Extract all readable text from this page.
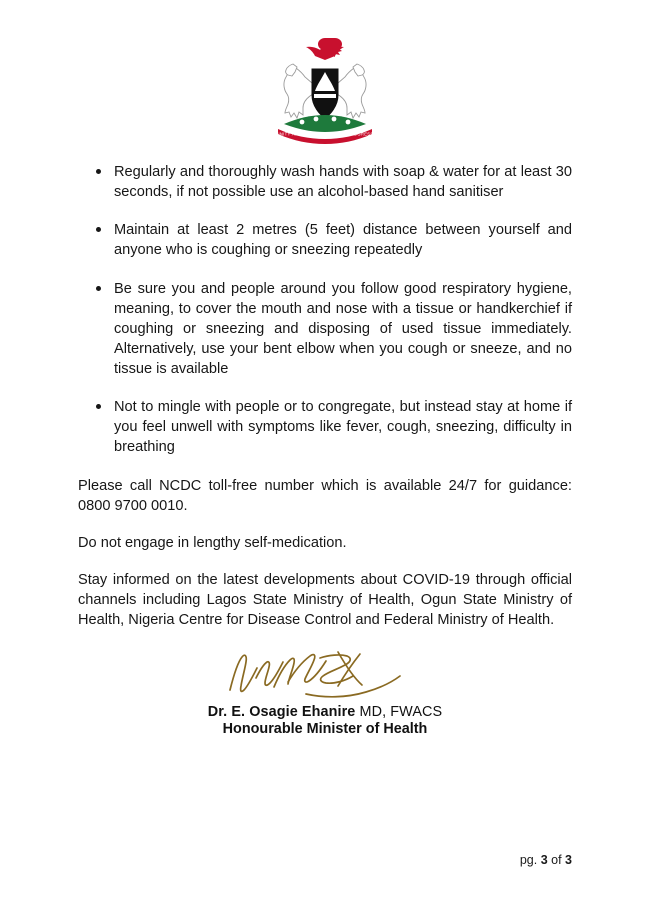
UNITY AND FAITH, PEACE AND PROGRESS
Regularly and thoroughly wash hands with soap & water for at least 30 seconds, if not possible use an alcohol-based hand sanitiser
Maintain at least 2 metres (5 feet) distance between yourself and anyone who is coughing or sneezing repeatedly
Be sure you and people around you follow good respiratory hygiene, meaning, to cover the mouth and nose with a tissue or handkerchief if coughing or sneezing and disposing of used tissue immediately. Alternatively, use your bent elbow when you cough or sneeze, and no tissue is available
Not to mingle with people or to congregate, but instead stay at home if you feel unwell with symptoms like fever, cough, sneezing, difficulty in breathing

Please call NCDC toll-free number which is available 24/7 for guidance: 0800 9700 0010.

Do not engage in lengthy self-medication.

Stay informed on the latest developments about COVID-19 through official channels including Lagos State Ministry of Health, Ogun State Ministry of Health, Nigeria Centre for Disease Control and Federal Ministry of Health.

Dr. E. Osagie Ehanire MD, FWACS
Honourable Minister of Health
pg. 3 of 3
